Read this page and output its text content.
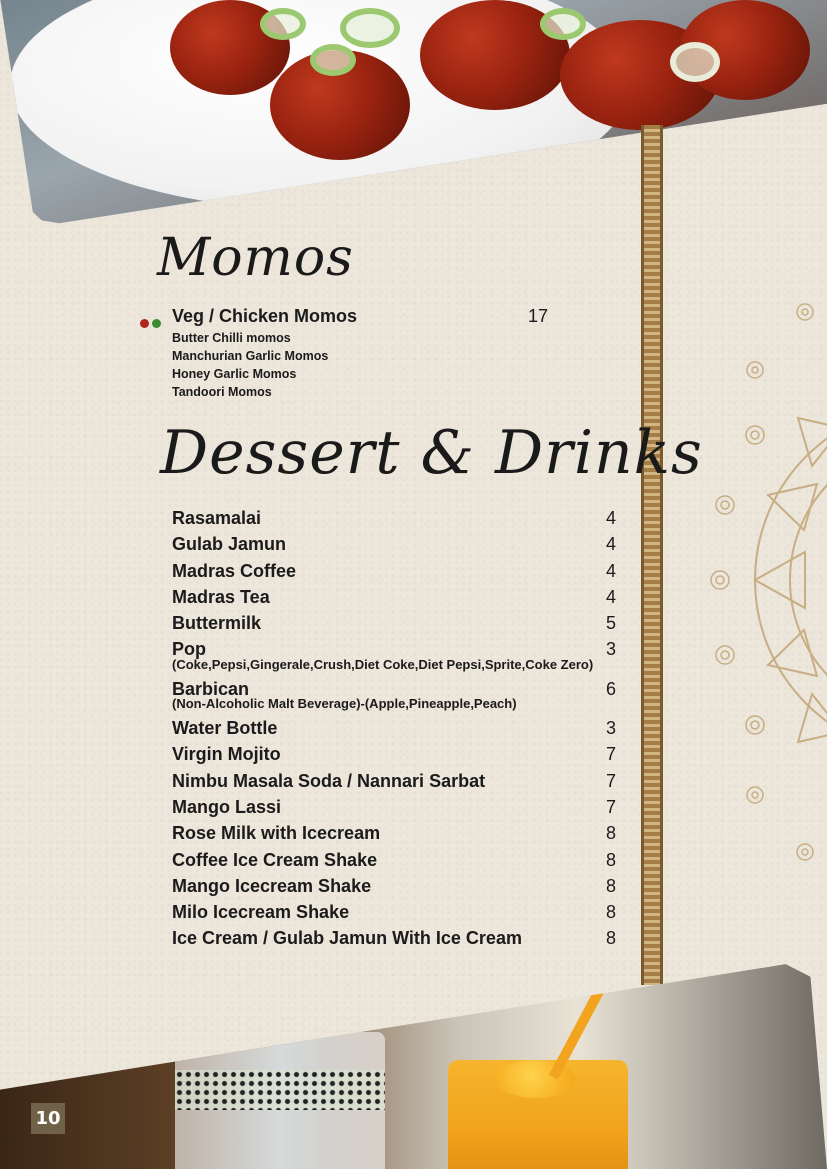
Momos
Veg / Chicken Momos	17
Butter Chilli momos
Manchurian Garlic Momos
Honey Garlic Momos
Tandoori Momos
Dessert & Drinks
Rasamalai	4
Gulab Jamun	4
Madras Coffee	4
Madras Tea	4
Buttermilk	5
Pop	3
(Coke,Pepsi,Gingerale,Crush,Diet Coke,Diet Pepsi,Sprite,Coke Zero)
Barbican	6
(Non-Alcoholic Malt Beverage)-(Apple,Pineapple,Peach)
Water Bottle	3
Virgin Mojito	7
Nimbu Masala Soda / Nannari Sarbat	7
Mango Lassi	7
Rose Milk with Icecream	8
Coffee Ice Cream Shake	8
Mango Icecream Shake	8
Milo Icecream Shake	8
Ice Cream / Gulab Jamun With Ice Cream	8
10
